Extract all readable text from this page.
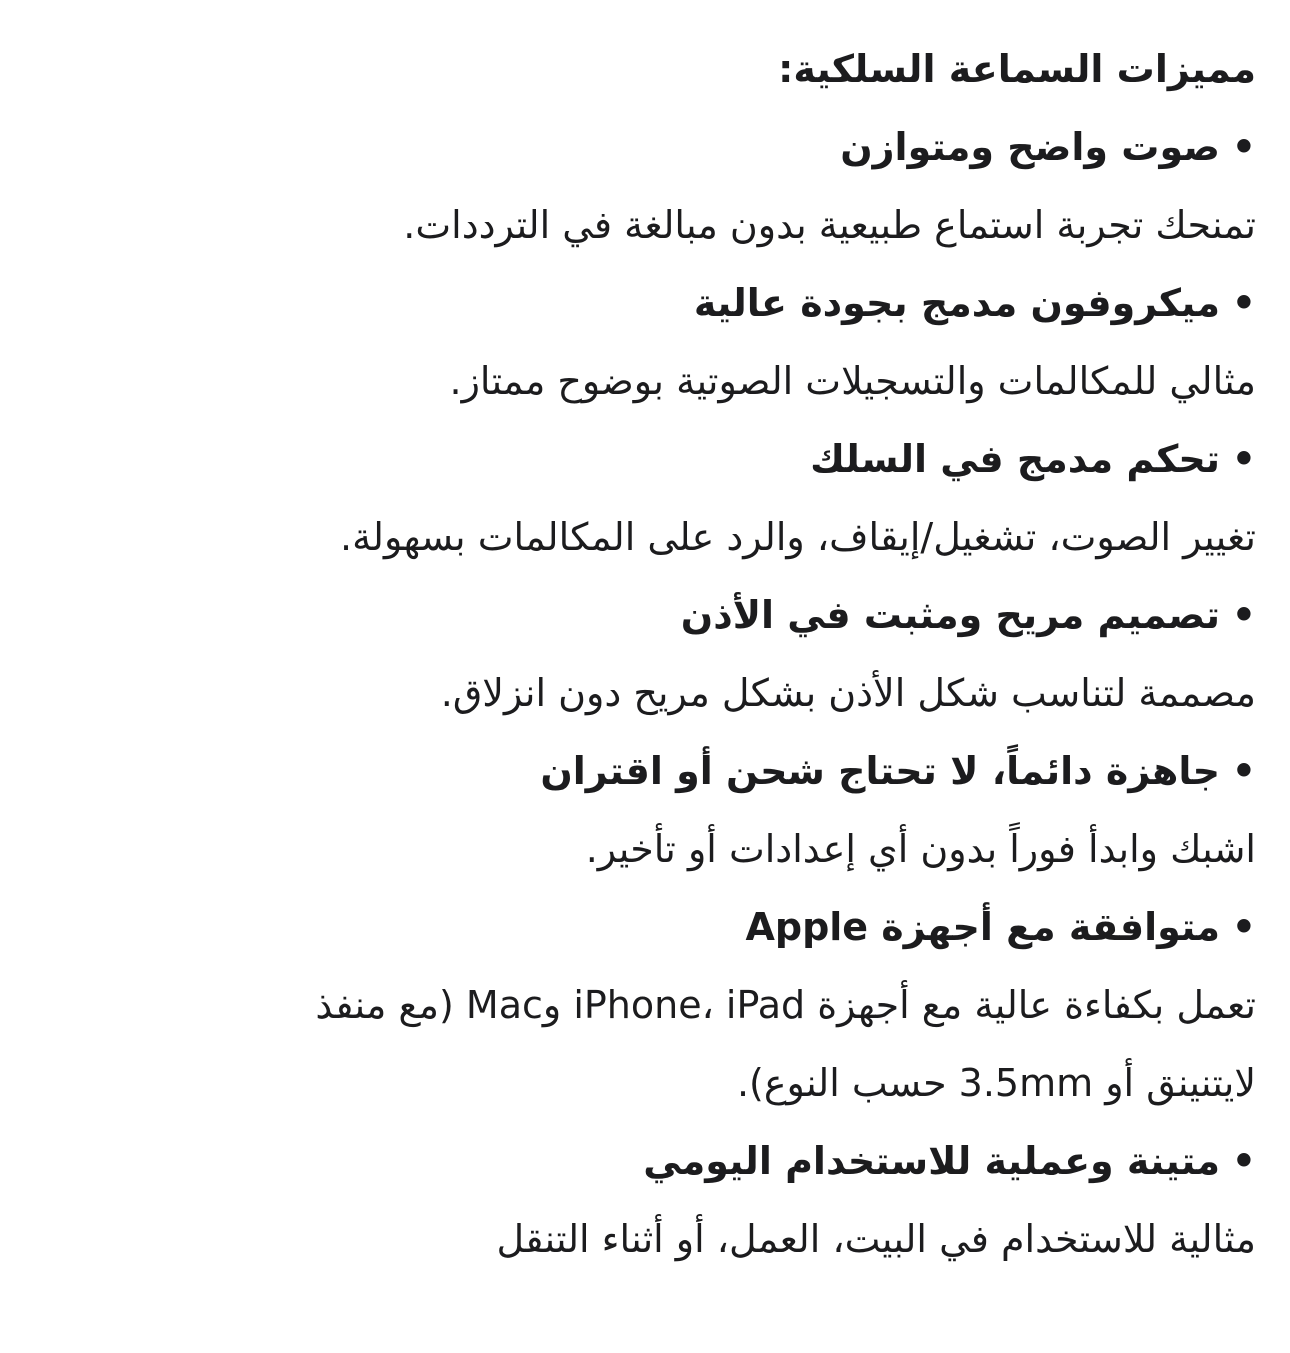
مميزات السماعة السلكية:
•صوت واضح ومتوازن
تمنحك تجربة استماع طبيعية بدون مبالغة في الترددات.
•ميكروفون مدمج بجودة عالية
مثالي للمكالمات والتسجيلات الصوتية بوضوح ممتاز.
•تحكم مدمج في السلك
تغيير الصوت، تشغيل/إيقاف، والرد على المكالمات بسهولة.
•تصميم مريح ومثبت في الأذن
مصممة لتناسب شكل الأذن بشكل مريح دون انزلاق.
•جاهزة دائماً، لا تحتاج شحن أو اقتران
اشبك وابدأ فوراً بدون أي إعدادات أو تأخير.
•متوافقة مع أجهزة Apple
تعمل بكفاءة عالية مع أجهزة iPhone، iPad وMac (مع منفذ
لايتنينق أو 3.5mm حسب النوع).
•متينة وعملية للاستخدام اليومي
مثالية للاستخدام في البيت، العمل، أو أثناء التنقل
